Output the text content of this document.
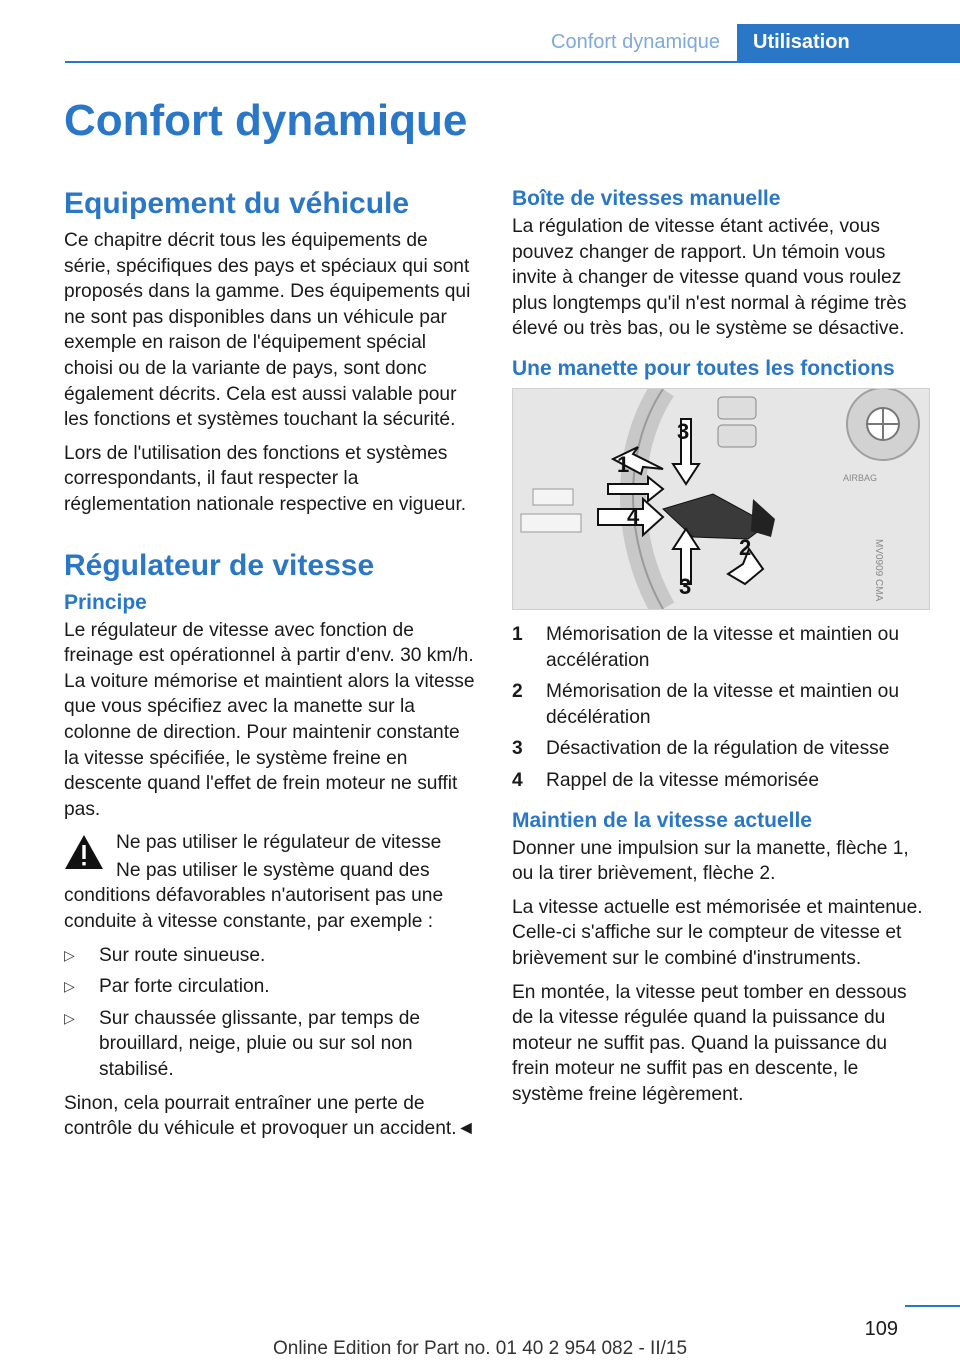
Confort dynamique	Utilisation
Confort dynamique
Equipement du véhicule

Ce chapitre décrit tous les équipements de série, spécifiques des pays et spéciaux qui sont proposés dans la gamme. Des équipements qui ne sont pas disponibles dans un véhicule par exemple en raison de l'équipement spécial choisi ou de la variante de pays, sont donc également décrits. Cela est aussi valable pour les fonctions et systèmes touchant la sécurité.

Lors de l'utilisation des fonctions et systèmes correspondants, il faut respecter la réglementation nationale respective en vigueur.

Régulateur de vitesse
Principe

Le régulateur de vitesse avec fonction de freinage est opérationnel à partir d'env. 30 km/h. La voiture mémorise et maintient alors la vitesse que vous spécifiez avec la manette sur la colonne de direction. Pour maintenir constante la vitesse spécifiée, le système freine en descente quand l'effet de frein moteur ne suffit pas.

Ne pas utiliser le régulateur de vitesse

Ne pas utiliser le système quand des conditions défavorables n'autorisent pas une conduite à vitesse constante, par exemple :

▷ Sur route sinueuse.
▷ Par forte circulation.
▷ Sur chaussée glissante, par temps de brouillard, neige, pluie ou sur sol non stabilisé.

Sinon, cela pourrait entraîner une perte de contrôle du véhicule et provoquer un accident.◄

Boîte de vitesses manuelle

La régulation de vitesse étant activée, vous pouvez changer de rapport. Un témoin vous invite à changer de vitesse quand vous roulez plus longtemps qu'il n'est normal à régime très élevé ou très bas, ou le système se désactive.

Une manette pour toutes les fonctions
AIRBAG
1
2
3
4
3	MV0909 CMA
1 Mémorisation de la vitesse et maintien ou accélération
2 Mémorisation de la vitesse et maintien ou décélération
3 Désactivation de la régulation de vitesse
4 Rappel de la vitesse mémorisée
Maintien de la vitesse actuelle

Donner une impulsion sur la manette, flèche 1, ou la tirer brièvement, flèche 2.

La vitesse actuelle est mémorisée et maintenue. Celle-ci s'affiche sur le compteur de vitesse et brièvement sur le combiné d'instruments.

En montée, la vitesse peut tomber en dessous de la vitesse régulée quand la puissance du moteur ne suffit pas. Quand la puissance du frein moteur ne suffit pas en descente, le système freine légèrement.

109
Online Edition for Part no. 01 40 2 954 082 - II/15
